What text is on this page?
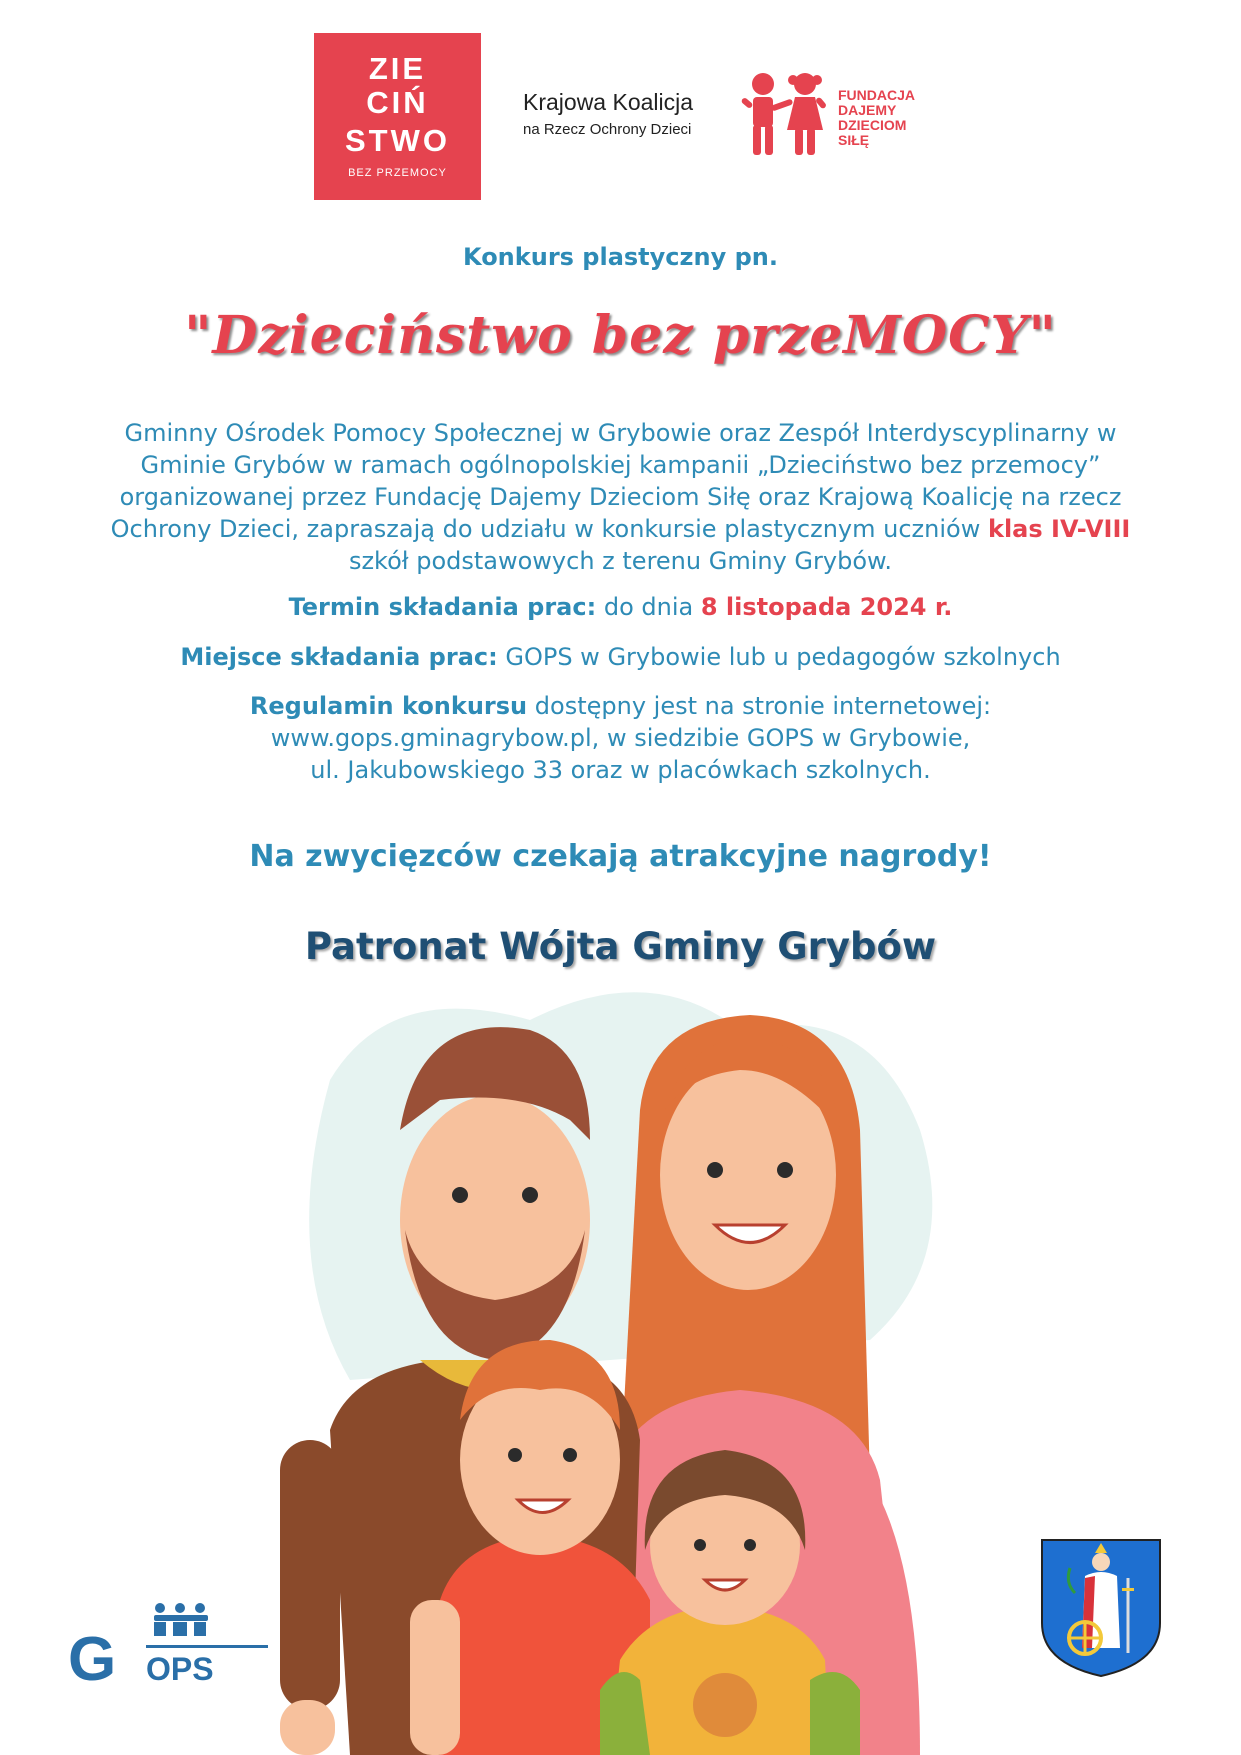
ZIE
CIŃ
STWO
BEZ PRZEMOCY
Krajowa Koalicja
na Rzecz Ochrony Dzieci
FUNDACJA
DAJEMY
DZIECIOM
SIŁĘ
Konkurs plastyczny pn.
"Dzieciństwo bez przeMOCY"
Gminny Ośrodek Pomocy Społecznej w Grybowie oraz Zespół Interdyscyplinarny w Gminie Grybów w ramach ogólnopolskiej kampanii „Dzieciństwo bez przemocy” organizowanej przez Fundację Dajemy Dzieciom Siłę oraz Krajową Koalicję na rzecz Ochrony Dzieci, zapraszają do udziału w konkursie plastycznym uczniów klas IV-VIII szkół podstawowych z terenu Gminy Grybów.
Termin składania prac: do dnia 8 listopada 2024 r.
Miejsce składania prac: GOPS w Grybowie lub u pedagogów szkolnych
Regulamin konkursu dostępny jest na stronie internetowej:
www.gops.gminagrybow.pl, w siedzibie GOPS w Grybowie,
ul. Jakubowskiego 33 oraz w placówkach szkolnych.
Na zwycięzców czekają atrakcyjne nagrody!
Patronat Wójta Gminy Grybów
G OPS
